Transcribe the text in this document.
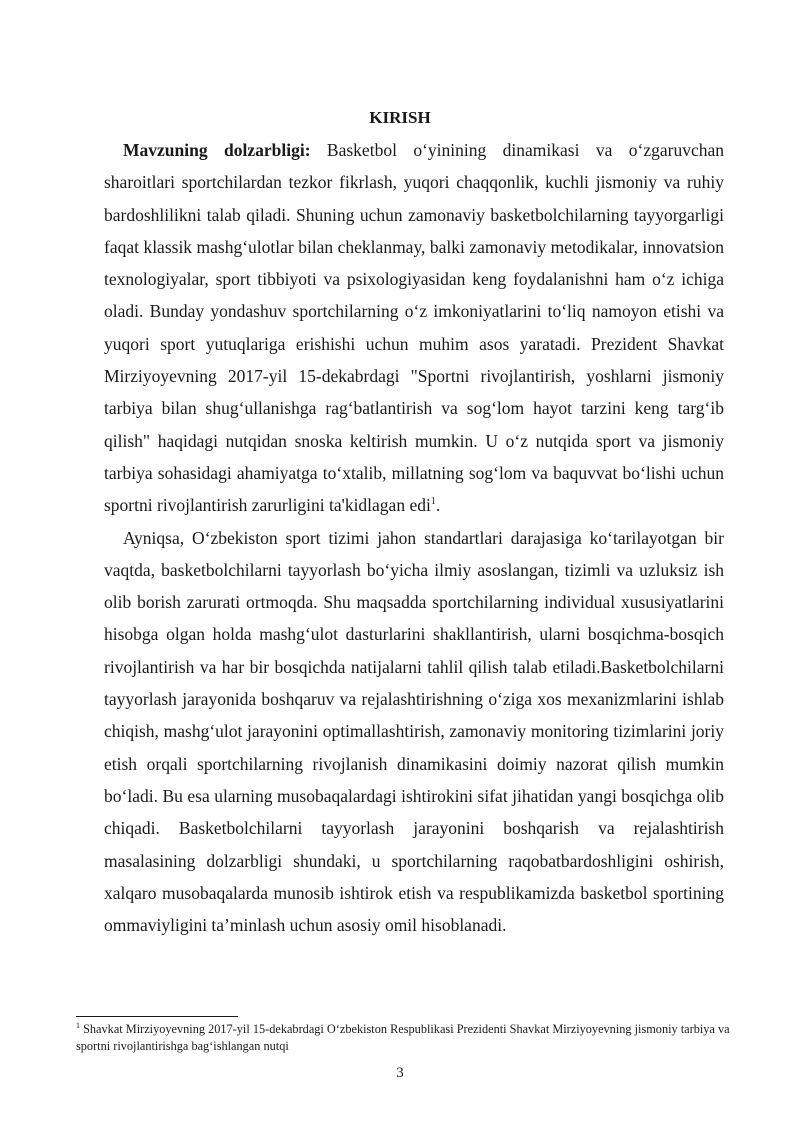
KIRISH

Mavzuning dolzarbligi: Basketbol o‘yinining dinamikasi va o‘zgaruvchan sharoitlari sportchilardan tezkor fikrlash, yuqori chaqqonlik, kuchli jismoniy va ruhiy bardoshlilikni talab qiladi. Shuning uchun zamonaviy basketbolchilarning tayyorgarligi faqat klassik mashg‘ulotlar bilan cheklanmay, balki zamonaviy metodikalar, innovatsion texnologiyalar, sport tibbiyoti va psixologiyasidan keng foydalanishni ham o‘z ichiga oladi. Bunday yondashuv sportchilarning o‘z imkoniyatlarini to‘liq namoyon etishi va yuqori sport yutuqlariga erishishi uchun muhim asos yaratadi. Prezident Shavkat Mirziyoyevning 2017-yil 15-dekabrdagi "Sportni rivojlantirish, yoshlarni jismoniy tarbiya bilan shug‘ullanishga rag‘batlantirish va sog‘lom hayot tarzini keng targ‘ib qilish" haqidagi nutqidan snoska keltirish mumkin. U o‘z nutqida sport va jismoniy tarbiya sohasidagi ahamiyatga to‘xtalib, millatning sog‘lom va baquvvat bo‘lishi uchun sportni rivojlantirish zarurligini ta'kidlagan edi$^1$.

Ayniqsa, O‘zbekiston sport tizimi jahon standartlari darajasiga ko‘tarilayotgan bir vaqtda, basketbolchilarni tayyorlash bo‘yicha ilmiy asoslangan, tizimli va uzluksiz ish olib borish zarurati ortmoqda. Shu maqsadda sportchilarning individual xususiyatlarini hisobga olgan holda mashg‘ulot dasturlarini shakllantirish, ularni bosqichma-bosqich rivojlantirish va har bir bosqichda natijalarni tahlil qilish talab etiladi.Basketbolchilarni tayyorlash jarayonida boshqaruv va rejalashtirishning o‘ziga xos mexanizmlarini ishlab chiqish, mashg‘ulot jarayonini optimallashtirish, zamonaviy monitoring tizimlarini joriy etish orqali sportchilarning rivojlanish dinamikasini doimiy nazorat qilish mumkin bo‘ladi. Bu esa ularning musobaqalardagi ishtirokini sifat jihatidan yangi bosqichga olib chiqadi. Basketbolchilarni tayyorlash jarayonini boshqarish va rejalashtirish masalasining dolzarbligi shundaki, u sportchilarning raqobatbardoshligini oshirish, xalqaro musobaqalarda munosib ishtirok etish va respublikamizda basketbol sportining ommaviyligini ta’minlash uchun asosiy omil hisoblanadi.

$^1$ Shavkat Mirziyoyevning 2017-yil 15-dekabrdagi O‘zbekiston Respublikasi Prezidenti Shavkat Mirziyoyevning jismoniy tarbiya va sportni rivojlantirishga bag‘ishlangan nutqi
3
